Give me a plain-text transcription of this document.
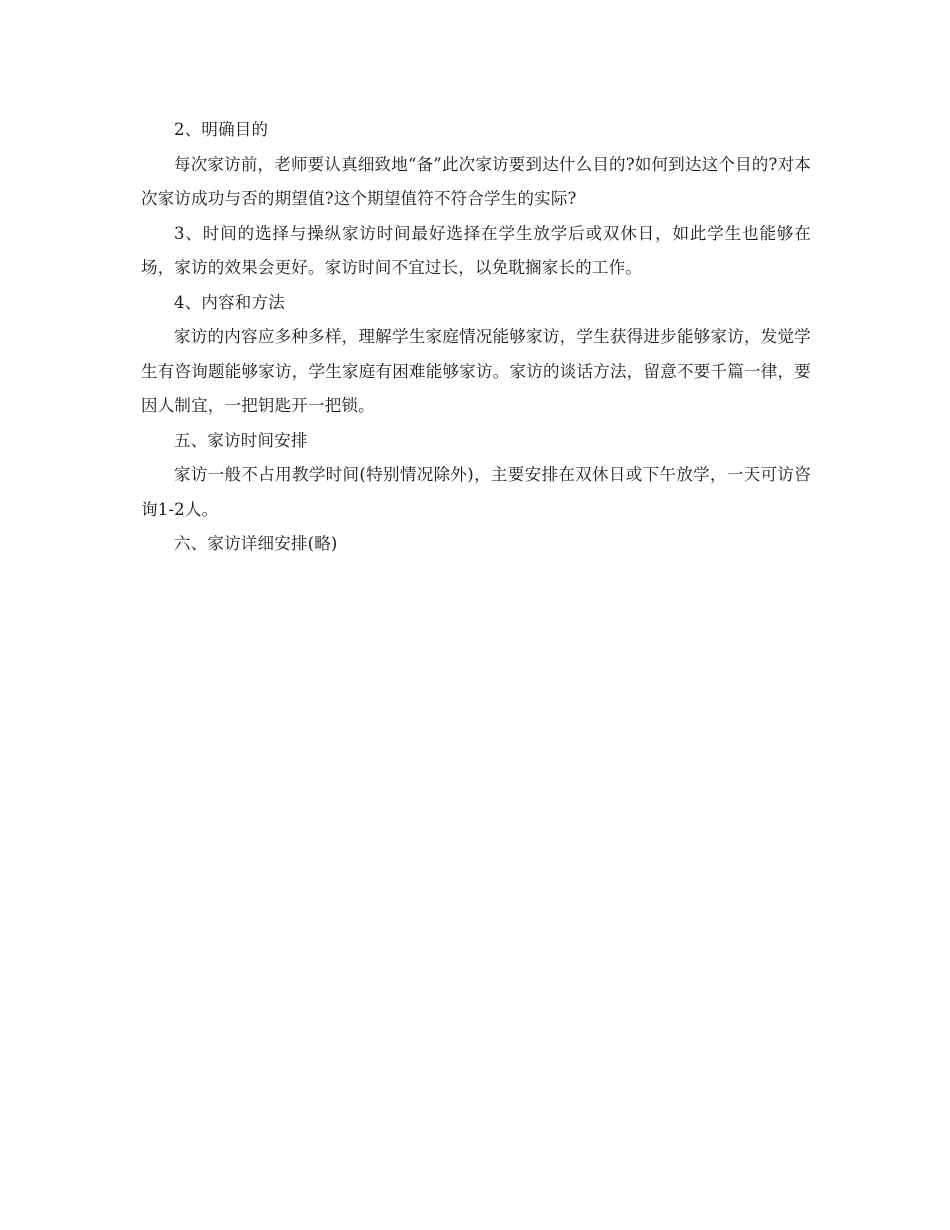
2、明确目的

每次家访前，老师要认真细致地“备”此次家访要到达什么目的?如何到达这个目的?对本次家访成功与否的期望值?这个期望值符不符合学生的实际?

3、时间的选择与操纵家访时间最好选择在学生放学后或双休日，如此学生也能够在场，家访的效果会更好。家访时间不宜过长，以免耽搁家长的工作。

4、内容和方法

家访的内容应多种多样，理解学生家庭情况能够家访，学生获得进步能够家访，发觉学生有咨询题能够家访，学生家庭有困难能够家访。家访的谈话方法，留意不要千篇一律，要因人制宜，一把钥匙开一把锁。

五、家访时间安排

家访一般不占用教学时间(特别情况除外)，主要安排在双休日或下午放学，一天可访咨询1-2人。

六、家访详细安排(略)
